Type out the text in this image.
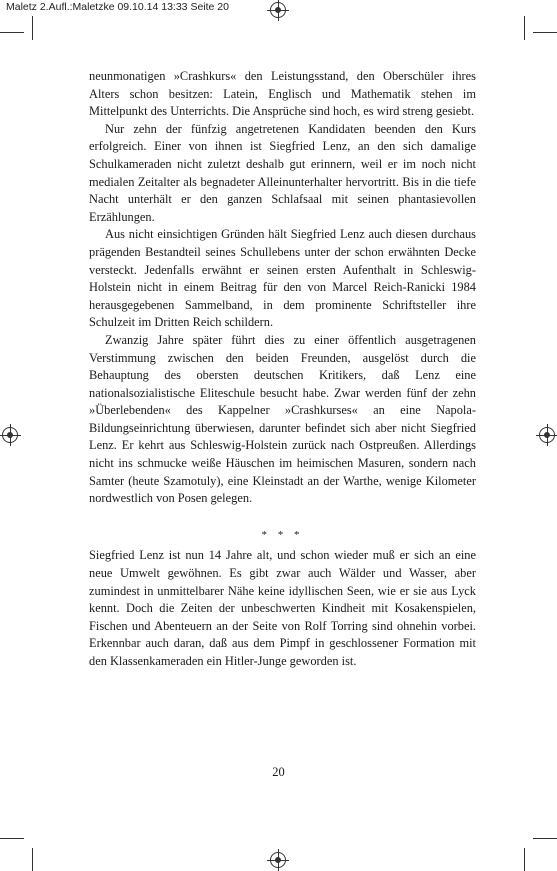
Maletz 2.Aufl.:Maletzke 09.10.14 13:33 Seite 20

neunmonatigen »Crashkurs« den Leistungsstand, den Oberschüler ihres Alters schon besitzen: Latein, Englisch und Mathematik stehen im Mittelpunkt des Unterrichts. Die Ansprüche sind hoch, es wird streng gesiebt.

Nur zehn der fünfzig angetretenen Kandidaten beenden den Kurs erfolgreich. Einer von ihnen ist Siegfried Lenz, an den sich damalige Schulkameraden nicht zuletzt deshalb gut erinnern, weil er im noch nicht medialen Zeitalter als begnadeter Alleinunterhalter hervortritt. Bis in die tiefe Nacht unterhält er den ganzen Schlafsaal mit seinen phantasievollen Erzählungen.

Aus nicht einsichtigen Gründen hält Siegfried Lenz auch diesen durchaus prägenden Bestandteil seines Schullebens unter der schon erwähnten Decke versteckt. Jedenfalls erwähnt er seinen ersten Aufenthalt in Schleswig-Holstein nicht in einem Beitrag für den von Marcel Reich-Ranicki 1984 herausgegebenen Sammelband, in dem prominente Schriftsteller ihre Schulzeit im Dritten Reich schildern.

Zwanzig Jahre später führt dies zu einer öffentlich ausgetragenen Verstimmung zwischen den beiden Freunden, ausgelöst durch die Behauptung des obersten deutschen Kritikers, daß Lenz eine nationalsozialistische Eliteschule besucht habe. Zwar werden fünf der zehn »Überlebenden« des Kappelner »Crashkurses« an eine Napola-Bildungseinrichtung überwiesen, darunter befindet sich aber nicht Siegfried Lenz. Er kehrt aus Schleswig-Holstein zurück nach Ostpreußen. Allerdings nicht ins schmucke weiße Häuschen im heimischen Masuren, sondern nach Samter (heute Szamotuly), eine Kleinstadt an der Warthe, wenige Kilometer nordwestlich von Posen gelegen.

* * *

Siegfried Lenz ist nun 14 Jahre alt, und schon wieder muß er sich an eine neue Umwelt gewöhnen. Es gibt zwar auch Wälder und Wasser, aber zumindest in unmittelbarer Nähe keine idyllischen Seen, wie er sie aus Lyck kennt. Doch die Zeiten der unbeschwerten Kindheit mit Kosakenspielen, Fischen und Abenteuern an der Seite von Rolf Torring sind ohnehin vorbei. Erkennbar auch daran, daß aus dem Pimpf in geschlossener Formation mit den Klassenkameraden ein Hitler-Junge geworden ist.

20
